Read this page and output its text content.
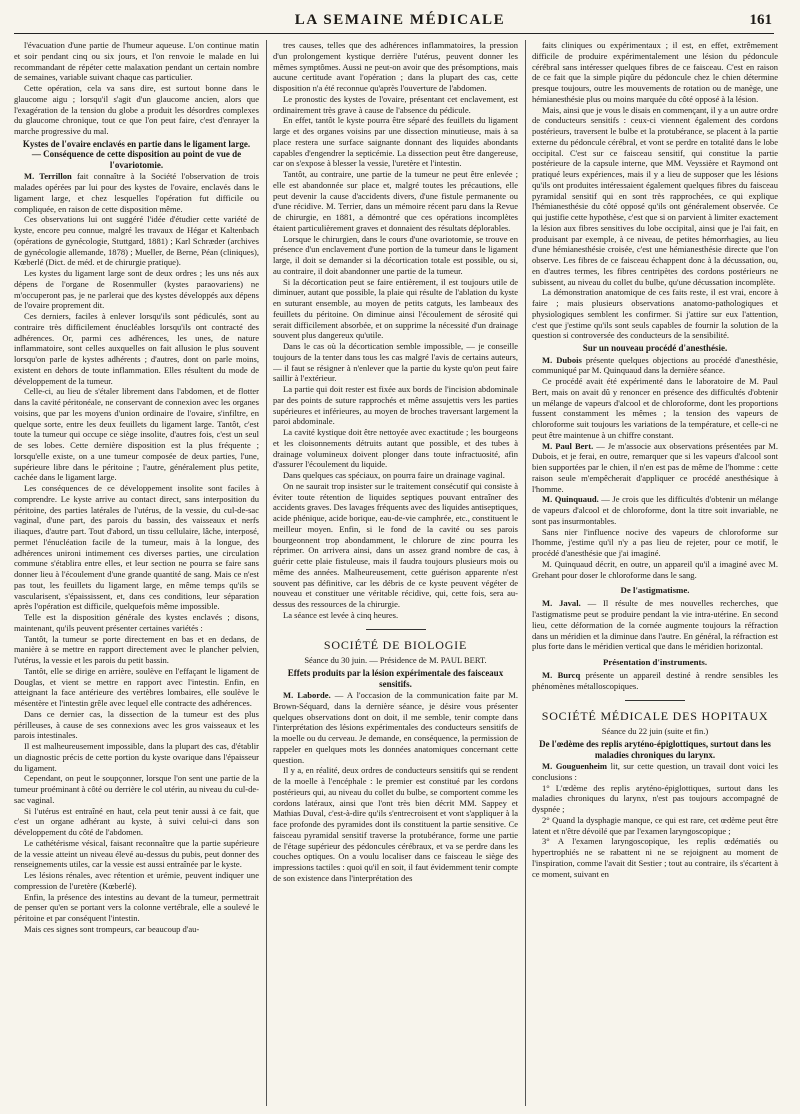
LA SEMAINE MÉDICALE	161

l'évacuation d'une partie de l'humeur aqueuse. L'on continue matin et soir pendant cinq ou six jours, et l'on renvoie le malade en lui recommandant de répéter cette malaxation pendant un certain nombre de semaines, variable suivant chaque cas particulier.

Cette opération, cela va sans dire, est surtout bonne dans le glaucome aigu ; lorsqu'il s'agit d'un glaucome ancien, alors que l'exagération de la tension du globe a produit les désordres complexes du glaucome chronique, tout ce que l'on peut faire, c'est d'enrayer la marche progressive du mal.

Kystes de l'ovaire enclavés en partie dans le ligament large. — Conséquence de cette disposition au point de vue de l'ovariotomie.

M. Terrillon fait connaître à la Société l'observation de trois malades opérées par lui pour des kystes de l'ovaire, enclavés dans le ligament large, et chez lesquelles l'opération fut difficile ou compliquée, en raison de cette disposition même.

Ces observations lui ont suggéré l'idée d'étudier cette variété de kyste, encore peu connue, malgré les travaux de Hégar et Kaltenbach (opérations de gynécologie, Stuttgard, 1881) ; Karl Schræder (archives de gynécologie allemande, 1878) ; Mueller, de Berne, Péan (cliniques), Kœberlé (Dict. de méd. et de chirurgie pratique).

Les kystes du ligament large sont de deux ordres ; les uns nés aux dépens de l'organe de Rosenmuller (kystes paraovariens) ne m'occuperont pas, je ne parlerai que des kystes développés aux dépens de l'ovaire proprement dit.

Ces derniers, faciles à enlever lorsqu'ils sont pédiculés, sont au contraire très difficilement énucléables lorsqu'ils ont contracté des adhérences. Or, parmi ces adhérences, les unes, de nature inflammatoire, sont celles auxquelles on fait allusion le plus souvent lorsqu'on parle de kystes adhérents ; d'autres, dont on parle moins, existent en dehors de toute inflammation. Elles résultent du mode de développement de la tumeur.

Celle-ci, au lieu de s'étaler librement dans l'abdomen, et de flotter dans la cavité péritonéale, ne conservant de connexion avec les organes voisins, que par les moyens d'union ordinaire de l'ovaire, s'infiltre, en quelque sorte, entre les deux feuillets du ligament large. Tantôt, c'est toute la tumeur qui occupe ce siège insolite, d'autres fois, c'est un seul de ses lobes. Cette dernière disposition est la plus fréquente ; lorsqu'elle existe, on a une tumeur composée de deux parties, l'une, supérieure libre dans le péritoine ; l'autre, généralement plus petite, cachée dans le ligament large.

Les conséquences de ce développement insolite sont faciles à comprendre. Le kyste arrive au contact direct, sans interposition du péritoine, des parties latérales de l'utérus, de la vessie, du cul-de-sac vaginal, d'une part, des parois du bassin, des vaisseaux et nerfs iliaques, d'autre part. Tout d'abord, un tissu cellulaire, lâche, interposé, permet l'énucléation facile de la tumeur, mais à la longue, des adhérences unironi intimement ces diverses parties, une circulation commune s'établira entre elles, et leur section ne pourra se faire sans donner lieu à l'écoulement d'une grande quantité de sang. Mais ce n'est pas tout, les feuillets du ligament large, en même temps qu'ils se vascularisent, s'épaississent, et, dans ces conditions, leur séparation après l'opération est difficile, quelquefois même impossible.

Telle est la disposition générale des kystes enclavés ; disons, maintenant, qu'ils peuvent présenter certaines variétés :

Tantôt, la tumeur se porte directement en bas et en dedans, de manière à se mettre en rapport directement avec le plancher pelvien, l'utérus, la vessie et les parois du petit bassin.

Tantôt, elle se dirige en arrière, soulève en l'effaçant le ligament de Douglas, et vient se mettre en rapport avec l'intestin. Enfin, en atteignant la face antérieure des vertèbres lombaires, elle soulève le mésentère et l'intestin grêle avec lequel elle contracte des adhérences.

Dans ce dernier cas, la dissection de la tumeur est des plus périlleuses, à cause de ses connexions avec les gros vaisseaux et les parois intestinales.

Il est malheureusement impossible, dans la plupart des cas, d'établir un diagnostic précis de cette portion du kyste ovarique dans l'épaisseur du ligament.

Cependant, on peut le soupçonner, lorsque l'on sent une partie de la tumeur proéminant à côté ou derrière le col utérin, au niveau du cul-de-sac vaginal.

Si l'utérus est entraîné en haut, cela peut tenir aussi à ce fait, que c'est un organe adhérant au kyste, à suivi celui-ci dans son développement du côté de l'abdomen.

Le cathétérisme vésical, faisant reconnaître que la partie supérieure de la vessie atteint un niveau élevé au-dessus du pubis, peut donner des renseignements utiles, car la vessie est aussi entraînée par le kyste.

Les lésions rénales, avec rétention et urémie, peuvent indiquer une compression de l'uretère (Kœberlé).

Enfin, la présence des intestins au devant de la tumeur, permettrait de penser qu'en se portant vers la colonne vertébrale, elle a soulevé le péritoine et par conséquent l'intestin.

Mais ces signes sont trompeurs, car beaucoup d'au-

tres causes, telles que des adhérences inflammatoires, la pression d'un prolongement kystique derrière l'utérus, peuvent donner les mêmes symptômes. Aussi ne peut-on avoir que des présomptions, mais aucune certitude avant l'opération ; dans la plupart des cas, cette disposition n'a été reconnue qu'après l'ouverture de l'abdomen.

Le pronostic des kystes de l'ovaire, présentant cet enclavement, est ordinairement très grave à cause de l'absence du pédicule.

En effet, tantôt le kyste pourra être séparé des feuillets du ligament large et des organes voisins par une dissection minutieuse, mais à sa place restera une surface saignante donnant des liquides abondants capables d'engendrer la septicémie. La dissection peut être dangereuse, car on s'expose à blesser la vessie, l'uretère et l'intestin.

Tantôt, au contraire, une partie de la tumeur ne peut être enlevée ; elle est abandonnée sur place et, malgré toutes les précautions, elle peut devenir la cause d'accidents divers, d'une fistule permanente ou d'une récidive. M. Terrier, dans un mémoire récent paru dans la Revue de chirurgie, en 1881, a démontré que ces opérations incomplètes étaient particulièrement graves et donnaient des résultats déplorables.

Lorsque le chirurgien, dans le cours d'une ovariotomie, se trouve en présence d'un enclavement d'une portion de la tumeur dans le ligament large, il doit se demander si la décortication totale est possible, ou si, au contraire, il doit abandonner une partie de la tumeur.

Si la décortication peut se faire entièrement, il est toujours utile de diminuer, autant que possible, la plaie qui résulte de l'ablation du kyste en suturant ensemble, au moyen de petits catguts, les lambeaux des feuillets du péritoine. On diminue ainsi l'écoulement de sérosité qui serait difficilement absorbée, et on supprime la nécessité d'un drainage souvent plus dangereux qu'utile.

Dans le cas où la décortication semble impossible, — je conseille toujours de la tenter dans tous les cas malgré l'avis de certains auteurs, — il faut se résigner à n'enlever que la partie du kyste qu'on peut faire saillir à l'extérieur.

La partie qui doit rester est fixée aux bords de l'incision abdominale par des points de suture rapprochés et même assujettis vers les parties supérieures et inférieures, au moyen de broches traversant largement la paroi abdominale.

La cavité kystique doit être nettoyée avec exactitude ; les bourgeons et les cloisonnements détruits autant que possible, et des tubes à drainage volumineux doivent plonger dans toute infractuosité, afin d'assurer l'écoulement du liquide.

Dans quelques cas spéciaux, on pourra faire un drainage vaginal.

On ne saurait trop insister sur le traitement consécutif qui consiste à éviter toute rétention de liquides septiques pouvant entraîner des accidents graves. Des lavages fréquents avec des liquides antiseptiques, acide phénique, acide borique, eau-de-vie camphrée, etc., constituent le meilleur moyen. Enfin, si le fond de la cavité ou ses parois bourgeonnent trop abondamment, le chlorure de zinc pourra les réprimer. On arrivera ainsi, dans un assez grand nombre de cas, à guérir cette plaie fistuleuse, mais il faudra toujours plusieurs mois ou même des années. Malheureusement, cette guérison apparente n'est souvent pas définitive, car les débris de ce kyste peuvent végéter de nouveau et constituer une véritable récidive, qui, cette fois, sera au-dessus des ressources de la chirurgie.

La séance est levée à cinq heures.

SOCIÉTÉ DE BIOLOGIE
Séance du 30 juin. — Présidence de M. PAUL BERT.
Effets produits par la lésion expérimentale des faisceaux sensitifs.

M. Laborde. — A l'occasion de la communication faite par M. Brown-Séquard, dans la dernière séance, je désire vous présenter quelques observations dont on doit, il me semble, tenir compte dans l'interprétation des lésions expérimentales des conducteurs sensitifs de la moelle ou du cerveau. Je demande, en conséquence, la permission de rappeler en quelques mots les données anatomiques concernant cette question.

Il y a, en réalité, deux ordres de conducteurs sensitifs qui se rendent de la moelle à l'encéphale : le premier est constitué par les cordons postérieurs qui, au niveau du collet du bulbe, se comportent comme les cordons latéraux, ainsi que l'ont très bien décrit MM. Sappey et Mathias Duval, c'est-à-dire qu'ils s'entrecroisent et vont s'appliquer à la face profonde des pyramides dont ils constituent la partie sensitive. Ce faisceau pyramidal sensitif traverse la protubérance, forme une partie de l'étage supérieur des pédoncules cérébraux, et va se perdre dans les couches optiques. On a voulu localiser dans ce faisceau le siège des impressions tactiles : quoi qu'il en soit, il faut évidemment tenir compte de son existence dans l'interprétation des

faits cliniques ou expérimentaux ; il est, en effet, extrêmement difficile de produire expérimentalement une lésion du pédoncule cérébral sans intéresser quelques fibres de ce faisceau. C'est en raison de ce fait que la simple piqûre du pédoncule chez le chien détermine presque toujours, outre les mouvements de rotation ou de manège, une hémianesthésie plus ou moins marquée du côté opposé à la lésion.

Mais, ainsi que je vous le disais en commençant, il y a un autre ordre de conducteurs sensitifs : ceux-ci viennent également des cordons postérieurs, traversent le bulbe et la protubérance, se placent à la partie externe du pédoncule cérébral, et vont se perdre en totalité dans le lobe occipital. C'est sur ce faisceau sensitif, qui constitue la partie postérieure de la capsule interne, que MM. Veyssière et Raymond ont pratiqué leurs expériences, mais il y a lieu de supposer que les lésions qu'ils ont produites intéressaient également quelques fibres du faisceau pyramidal sensitif qui en sont très rapprochées, ce qui explique l'hémianesthésie du côté opposé qu'ils ont généralement observée. Ce qui justifie cette hypothèse, c'est que si on parvient à limiter exactement la lésion aux fibres sensitives du lobe occipital, ainsi que je l'ai fait, en produisant par exemple, à ce niveau, de petites hémorrhagies, au lieu d'une hémianesthésie croisée, c'est une hémianesthésie directe que l'on observe. Les fibres de ce faisceau échappent donc à la décussation, ou, en d'autres termes, les fibres centripètes des cordons postérieurs ne subissent, au niveau du collet du bulbe, qu'une décussation incomplète.

La démonstration anatomique de ces faits reste, il est vrai, encore à faire ; mais plusieurs observations anatomo-pathologiques et physiologiques semblent les confirmer. Si j'attire sur eux l'attention, c'est que j'estime qu'ils sont seuls capables de fournir la solution de la question si controversée des conducteurs de la sensibilité.

Sur un nouveau procédé d'anesthésie.

M. Dubois présente quelques objections au procédé d'anesthésie, communiqué par M. Quinquaud dans la dernière séance.

Ce procédé avait été expérimenté dans le laboratoire de M. Paul Bert, mais on avait dû y renoncer en présence des difficultés d'obtenir un mélange de vapeurs d'alcool et de chloroforme, dont les proportions fussent constamment les mêmes ; la tension des vapeurs de chloroforme suit toujours les variations de la température, et celle-ci ne peut être maintenue à un chiffre constant.

M. Paul Bert. — Je m'associe aux observations présentées par M. Dubois, et je ferai, en outre, remarquer que si les vapeurs d'alcool sont bien supportées par le chien, il n'en est pas de même de l'homme : cette raison seule m'empêcherait d'appliquer ce procédé anesthésique à l'homme.

M. Quinquaud. — Je crois que les difficultés d'obtenir un mélange de vapeurs d'alcool et de chloroforme, dont la titre soit invariable, ne sont pas insurmontables.

Sans nier l'influence nocive des vapeurs de chloroforme sur l'homme, j'estime qu'il n'y a pas lieu de rejeter, pour ce motif, le procédé d'anesthésie que j'ai imaginé.

M. Quinquaud décrit, en outre, un appareil qu'il a imaginé avec M. Grehant pour doser le chloroforme dans le sang.

De l'astigmatisme.

M. Javal. — Il résulte de mes nouvelles recherches, que l'astigmatisme peut se produire pendant la vie intra-utérine. En second lieu, cette déformation de la cornée augmente toujours la réfraction dans un méridien et la diminue dans l'autre. En général, la réfraction est plus forte dans le méridien vertical que dans le méridien horizontal.

Présentation d'instruments.

M. Burcq présente un appareil destiné à rendre sensibles les phénomènes métalloscopiques.

SOCIÉTÉ MÉDICALE DES HOPITAUX
Séance du 22 juin (suite et fin.)
De l'œdème des replis aryténo-épiglottiques, surtout dans les maladies chroniques du larynx.

M. Gouguenheim lit, sur cette question, un travail dont voici les conclusions :

1° L'œdème des replis aryténo-épiglottiques, surtout dans les maladies chroniques du larynx, n'est pas toujours accompagné de dyspnée ;

2° Quand la dysphagie manque, ce qui est rare, cet œdème peut être latent et n'être dévoilé que par l'examen laryngoscopique ;

3° A l'examen laryngoscopique, les replis œdématiés ou hypertrophiés ne se rabattent ni ne se rejoignent au moment de l'inspiration, comme l'avait dit Sestier ; tout au contraire, ils s'écartent à ce moment, suivant en
